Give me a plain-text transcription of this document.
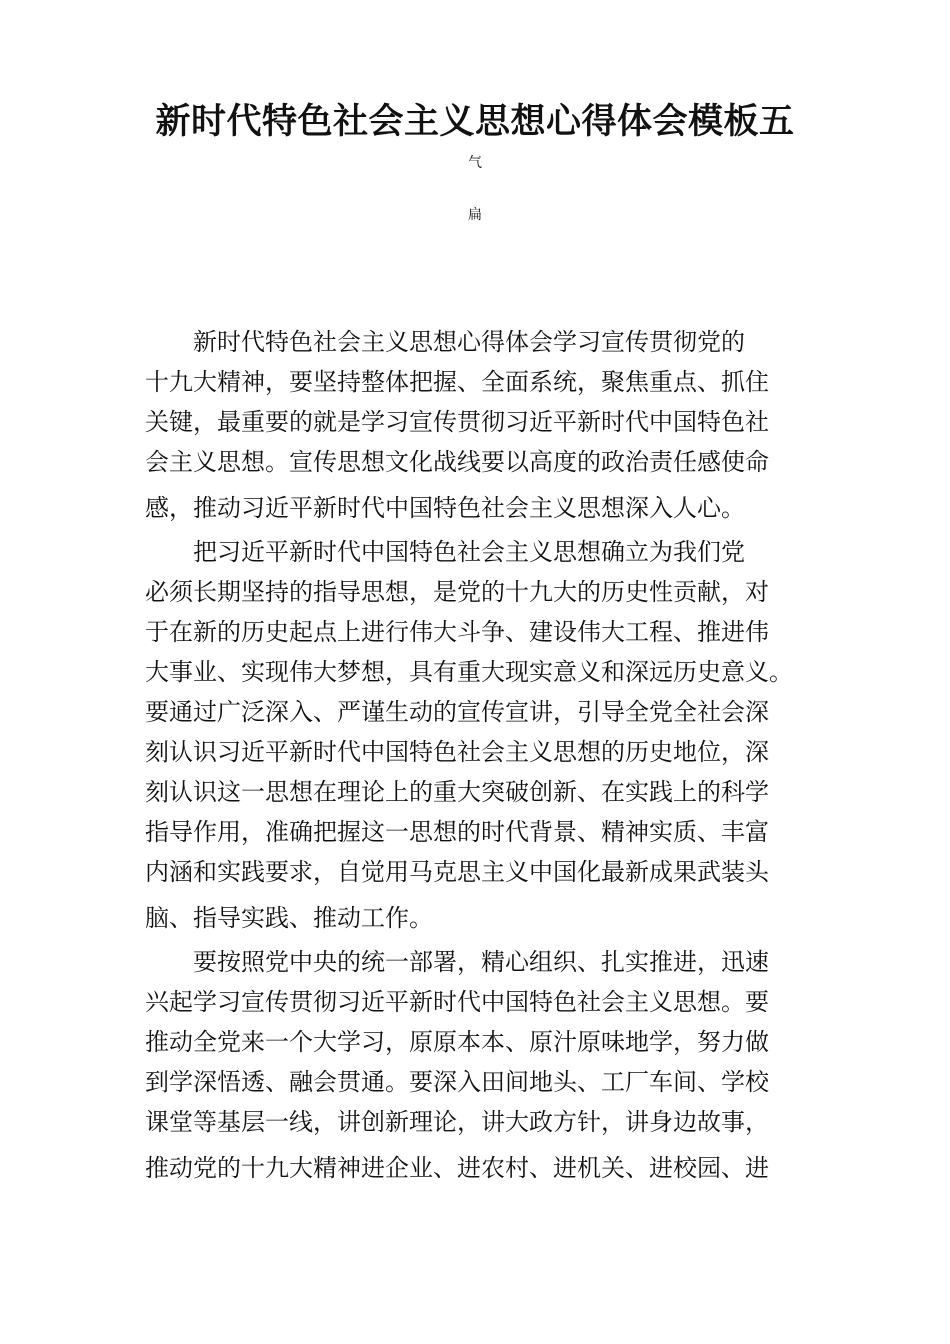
新时代特色社会主义思想心得体会模板五
气
扁
新时代特色社会主义思想心得体会学习宣传贯彻党的
十九大精神，要坚持整体把握、全面系统，聚焦重点、抓住
关键，最重要的就是学习宣传贯彻习近平新时代中国特色社
会主义思想。宣传思想文化战线要以高度的政治责任感使命
感，推动习近平新时代中国特色社会主义思想深入人心。
把习近平新时代中国特色社会主义思想确立为我们党
必须长期坚持的指导思想，是党的十九大的历史性贡献，对
于在新的历史起点上进行伟大斗争、建设伟大工程、推进伟
大事业、实现伟大梦想，具有重大现实意义和深远历史意义。
要通过广泛深入、严谨生动的宣传宣讲，引导全党全社会深
刻认识习近平新时代中国特色社会主义思想的历史地位，深
刻认识这一思想在理论上的重大突破创新、在实践上的科学
指导作用，准确把握这一思想的时代背景、精神实质、丰富
内涵和实践要求，自觉用马克思主义中国化最新成果武装头
脑、指导实践、推动工作。
要按照党中央的统一部署，精心组织、扎实推进，迅速
兴起学习宣传贯彻习近平新时代中国特色社会主义思想。要
推动全党来一个大学习，原原本本、原汁原味地学，努力做
到学深悟透、融会贯通。要深入田间地头、工厂车间、学校
课堂等基层一线，讲创新理论，讲大政方针，讲身边故事，
推动党的十九大精神进企业、进农村、进机关、进校园、进
